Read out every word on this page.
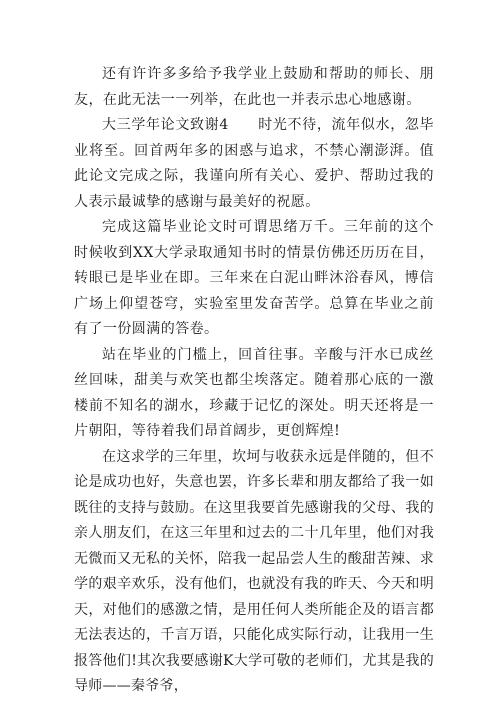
还有许许多多给予我学业上鼓励和帮助的师长、朋友，在此无法一一列举，在此也一并表示忠心地感谢。

大三学年论文致谢4　　时光不待，流年似水，忽毕业将至。回首两年多的困惑与追求，不禁心潮澎湃。值此论文完成之际，我谨向所有关心、爱护、帮助过我的人表示最诚挚的感谢与最美好的祝愿。

完成这篇毕业论文时可谓思绪万千。三年前的这个时候收到XX大学录取通知书时的情景仿佛还历历在目，转眼已是毕业在即。三年来在白泥山畔沐浴春风，博信广场上仰望苍穹，实验室里发奋苦学。总算在毕业之前有了一份圆满的答卷。

站在毕业的门槛上，回首往事。辛酸与汗水已成丝丝回味，甜美与欢笑也都尘埃落定。随着那心底的一激楼前不知名的湖水，珍藏于记忆的深处。明天还将是一片朝阳，等待着我们昂首阔步，更创辉煌!

在这求学的三年里，坎坷与收获永远是伴随的，但不论是成功也好，失意也罢，许多长辈和朋友都给了我一如既往的支持与鼓励。在这里我要首先感谢我的父母、我的亲人朋友们，在这三年里和过去的二十几年里，他们对我无微而又无私的关怀，陪我一起品尝人生的酸甜苦辣、求学的艰辛欢乐，没有他们，也就没有我的昨天、今天和明天，对他们的感激之情，是用任何人类所能企及的语言都无法表达的，千言万语，只能化成实际行动，让我用一生报答他们!其次我要感谢K大学可敬的老师们，尤其是我的导师——秦爷爷，
